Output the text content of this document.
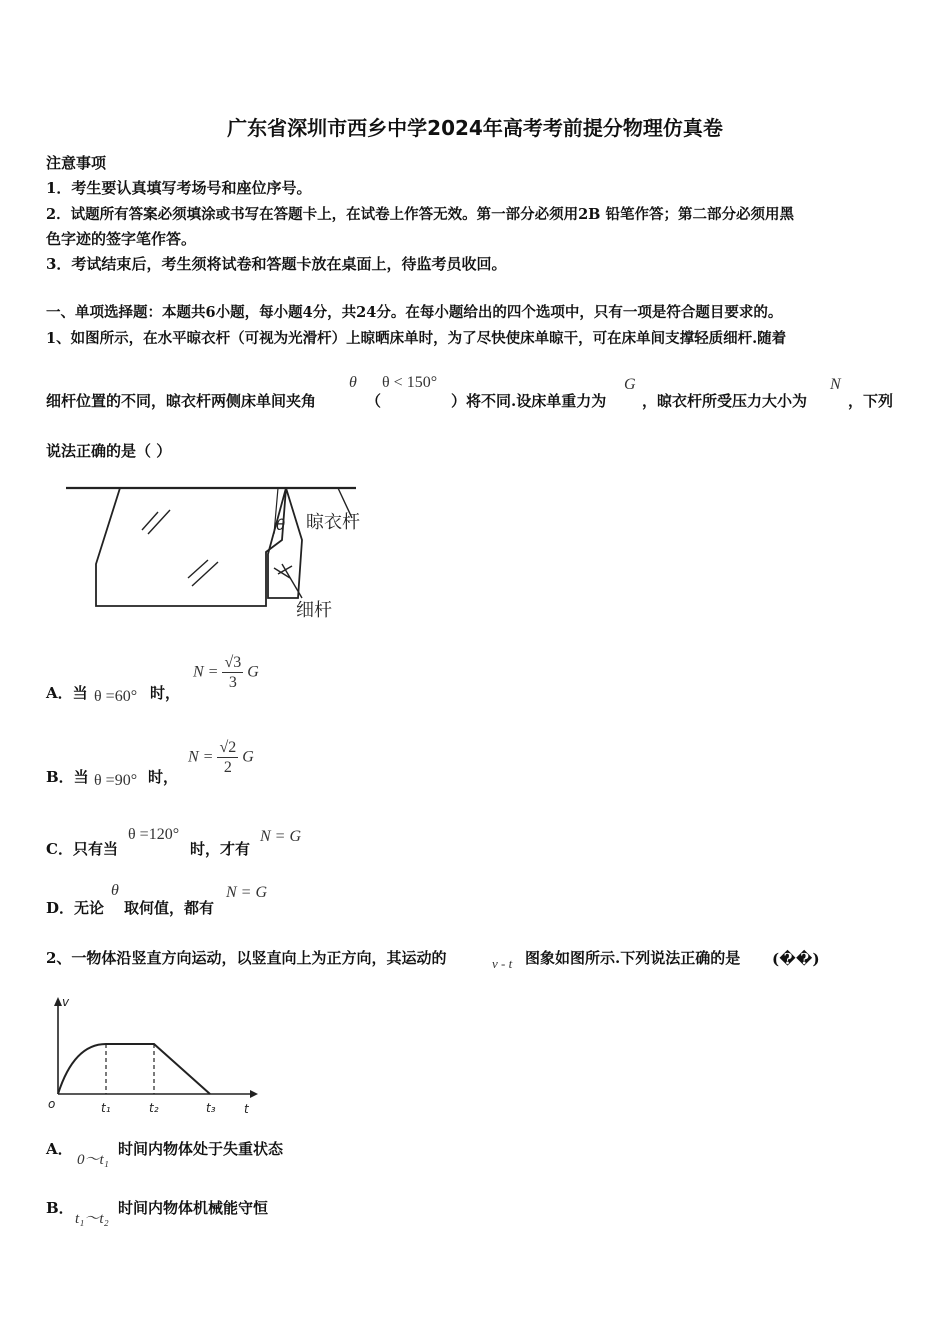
广东省深圳市西乡中学2024年高考考前提分物理仿真卷
注意事项
1．考生要认真填写考场号和座位序号。
2．试题所有答案必须填涂或书写在答题卡上，在试卷上作答无效。第一部分必须用2B 铅笔作答；第二部分必须用黑
色字迹的签字笔作答。
3．考试结束后，考生须将试卷和答题卡放在桌面上，待监考员收回。
一、单项选择题：本题共6小题，每小题4分，共24分。在每小题给出的四个选项中，只有一项是符合题目要求的。
1、如图所示，在水平晾衣杆（可视为光滑杆）上晾晒床单时，为了尽快使床单晾干，可在床单间支撑轻质细杆.随着
细杆位置的不同，晾衣杆两侧床单间夹角
θ
（
θ < 150°
）将不同.设床单重力为
G
，晾衣杆所受压力大小为
N
，下列
说法正确的是（ ）
θ 晾衣杆
细杆
A．当 θ =60° 时，
$N = \frac{√3}{3}$ G
B．当 θ =90° 时，
$N = \frac{√2}{2}$ G
C．只有当
θ =120°
时，才有
N = G
D．无论
θ
取何值，都有
N = G
2、一物体沿竖直方向运动，以竖直向上为正方向，其运动的	v - t 图象如图所示.下列说法正确的是 (��)
v
t
o	t₁	t₂	t₃
A．
0～t₁
时间内物体处于失重状态
B．
t₁～t₂
时间内物体机械能守恒
